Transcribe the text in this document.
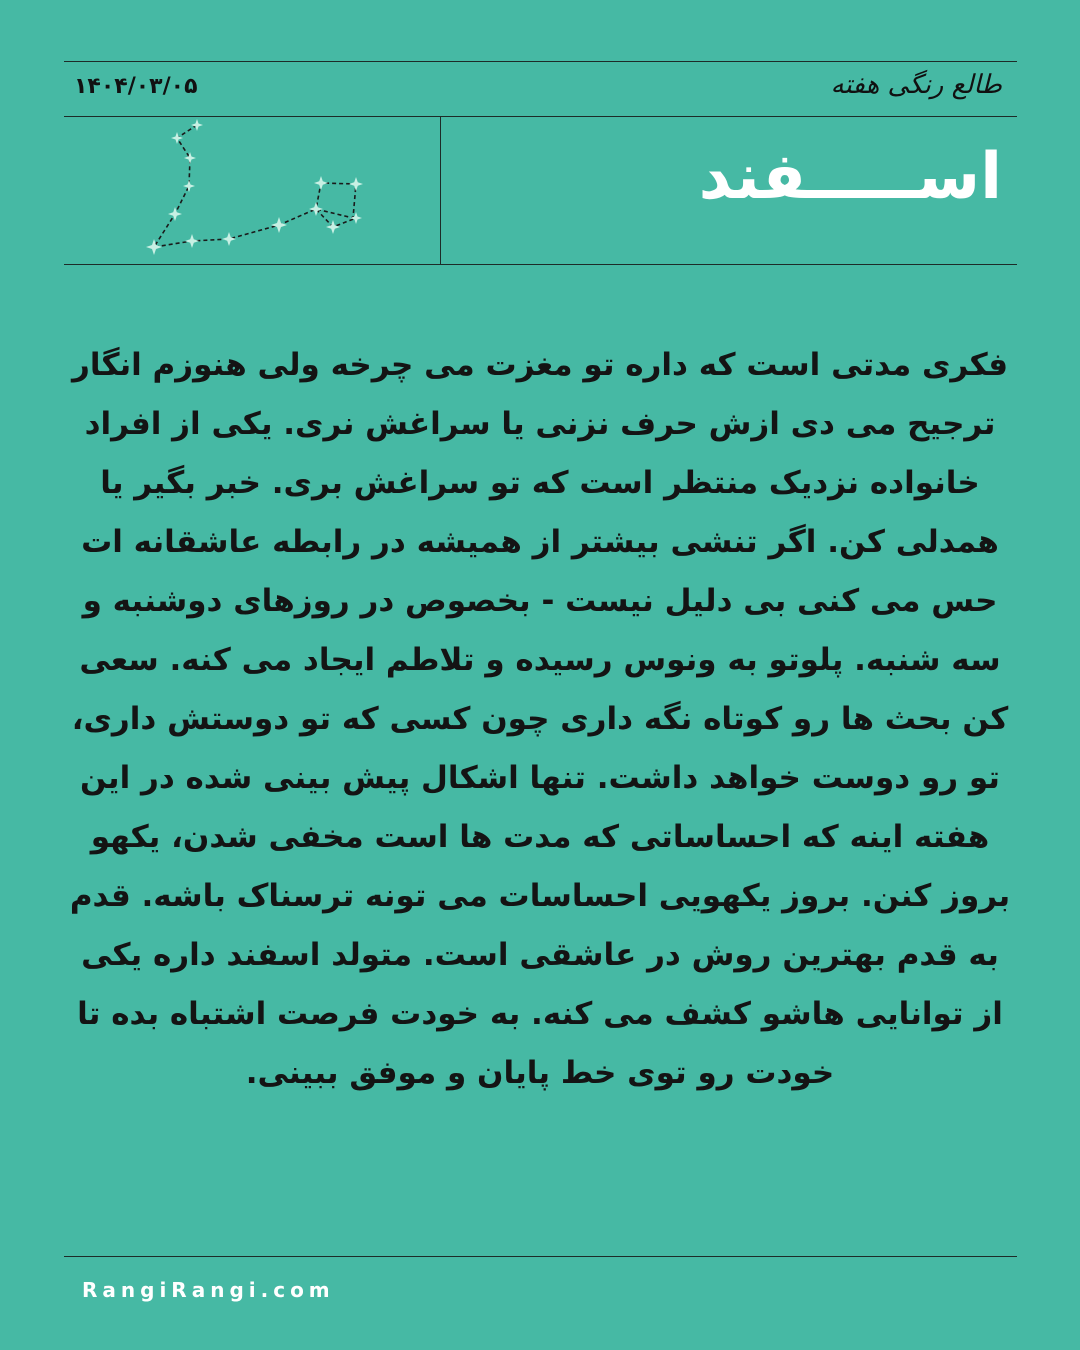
طالع رنگی هفته
۱۴۰۴/۰۳/۰۵
اســـــفند
فکری مدتی است که داره تو مغزت می چرخه ولی هنوزم انگار ترجیح می دی ازش حرف نزنی یا سراغش نری. یکی از افراد خانواده نزدیک منتظر است که تو سراغش بری. خبر بگیر یا همدلی کن. اگر تنشی بیشتر از همیشه در رابطه عاشقانه ات حس می کنی بی دلیل نیست - بخصوص در روزهای دوشنبه و سه شنبه. پلوتو به ونوس رسیده و تلاطم ایجاد می کنه. سعی کن بحث ها رو کوتاه نگه داری چون کسی که تو دوستش داری، تو رو دوست خواهد داشت. تنها اشکال پیش بینی شده در این هفته اینه که احساساتی که مدت ها است مخفی شدن، یکهو بروز کنن. بروز یکهویی احساسات می تونه ترسناک باشه. قدم به قدم بهترین روش در عاشقی است. متولد اسفند داره یکی از توانایی هاشو کشف می کنه. به خودت فرصت اشتباه بده تا خودت رو توی خط پایان و موفق ببینی.
RangiRangi.com
